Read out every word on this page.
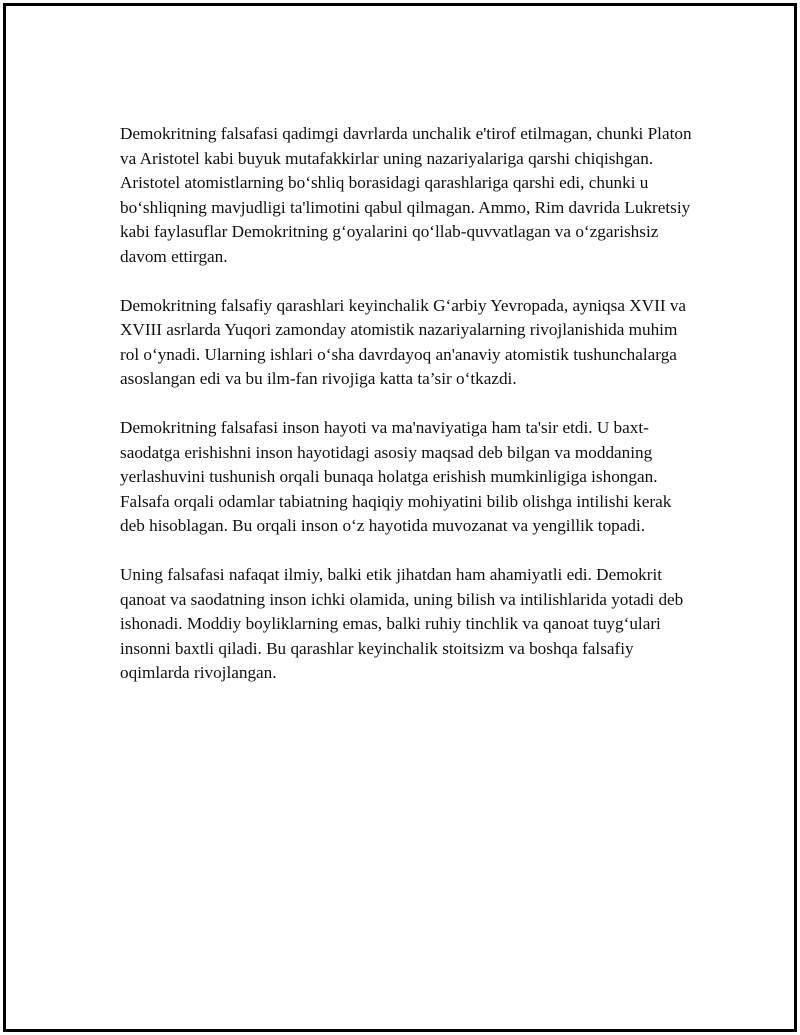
Demokritning falsafasi qadimgi davrlarda unchalik e'tirof etilmagan, chunki Platon va Aristotel kabi buyuk mutafakkirlar uning nazariyalariga qarshi chiqishgan. Aristotel atomistlarning bo‘shliq borasidagi qarashlariga qarshi edi, chunki u bo‘shliqning mavjudligi ta'limotini qabul qilmagan. Ammo, Rim davrida Lukretsiy kabi faylasuflar Demokritning g‘oyalarini qo‘llab-quvvatlagan va o‘zgarishsiz davom ettirgan.

Demokritning falsafiy qarashlari keyinchalik G‘arbiy Yevropada, ayniqsa XVII va XVIII asrlarda Yuqori zamonday atomistik nazariyalarning rivojlanishida muhim rol o‘ynadi. Ularning ishlari o‘sha davrdayoq an'anaviy atomistik tushunchalarga asoslangan edi va bu ilm-fan rivojiga katta ta’sir o‘tkazdi.

Demokritning falsafasi inson hayoti va ma'naviyatiga ham ta'sir etdi. U baxt-saodatga erishishni inson hayotidagi asosiy maqsad deb bilgan va moddaning yerlashuvini tushunish orqali bunaqa holatga erishish mumkinligiga ishongan. Falsafa orqali odamlar tabiatning haqiqiy mohiyatini bilib olishga intilishi kerak deb hisoblagan. Bu orqali inson o‘z hayotida muvozanat va yengillik topadi.

Uning falsafasi nafaqat ilmiy, balki etik jihatdan ham ahamiyatli edi. Demokrit qanoat va saodatning inson ichki olamida, uning bilish va intilishlarida yotadi deb ishonadi. Moddiy boyliklarning emas, balki ruhiy tinchlik va qanoat tuyg‘ulari insonni baxtli qiladi. Bu qarashlar keyinchalik stoitsizm va boshqa falsafiy oqimlarda rivojlangan.
